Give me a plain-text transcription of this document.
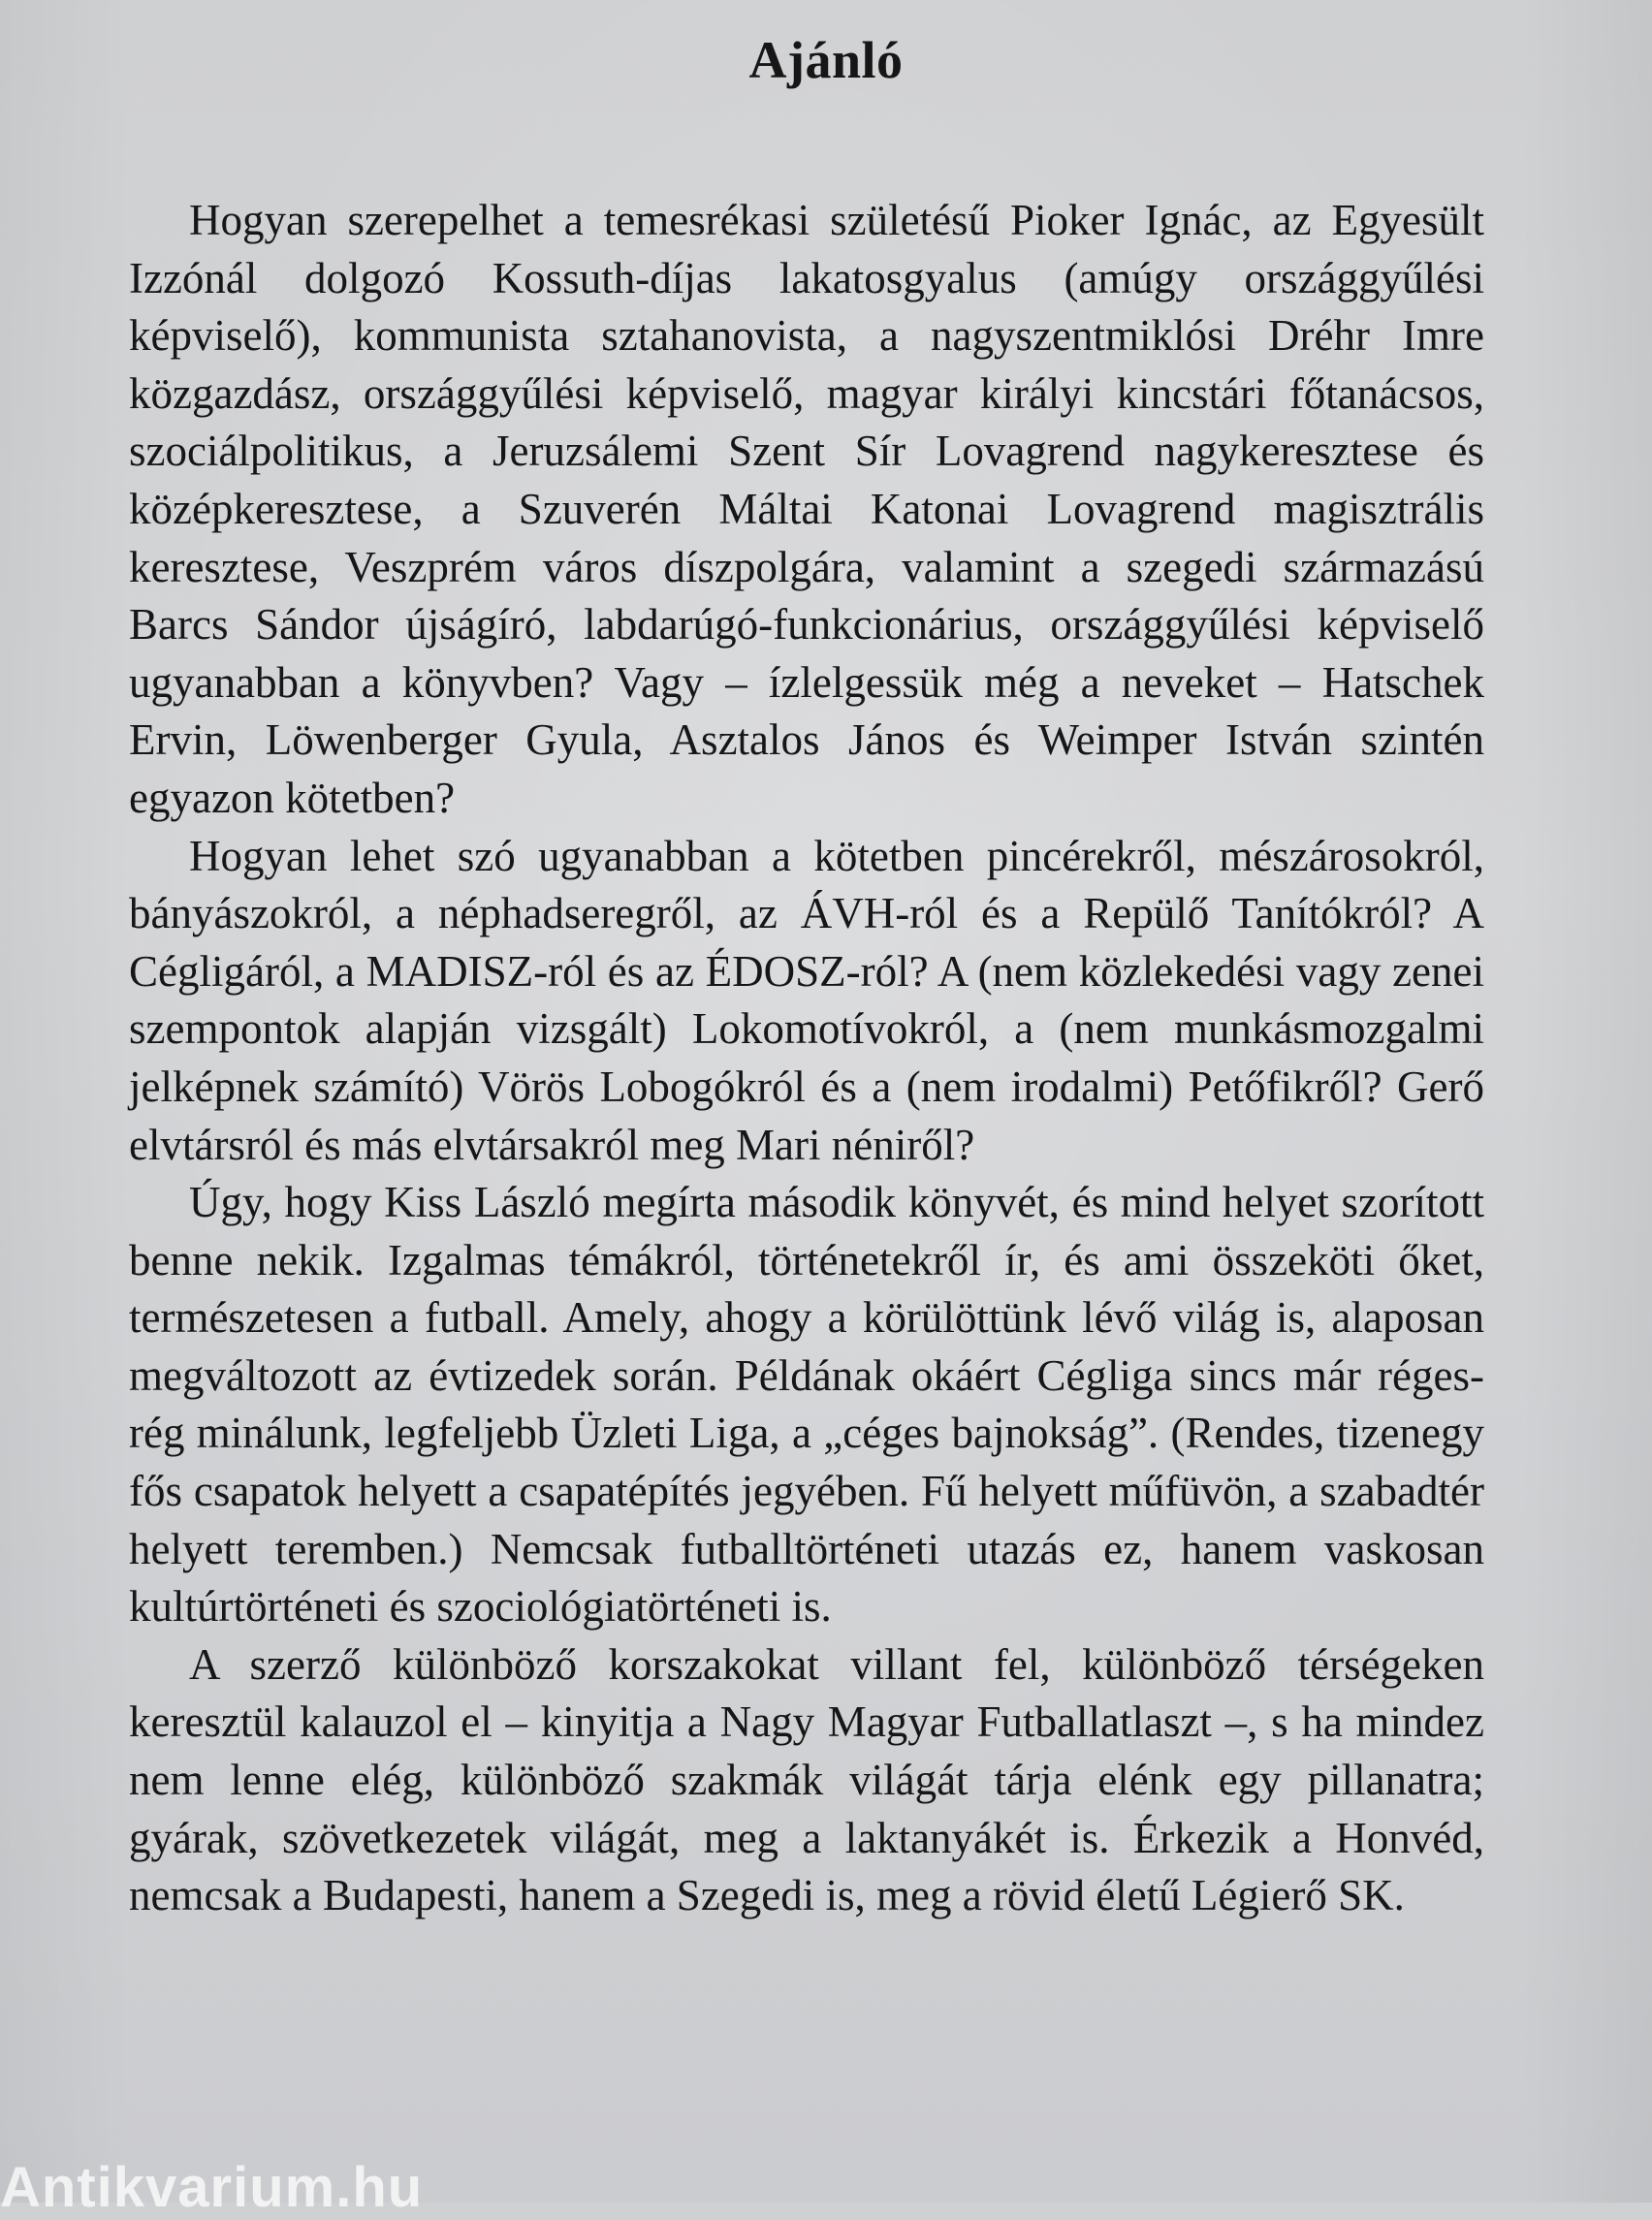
Ajánló

Hogyan szerepelhet a temesrékasi születésű Pioker Ignác, az Egyesült Izzónál dolgozó Kossuth-díjas lakatosgyalus (amúgy országgyűlési képviselő), kommunista sztahanovista, a nagyszentmiklósi Dréhr Imre közgazdász, országgyűlési képviselő, magyar királyi kincstári főtanácsos, szociálpolitikus, a Jeruzsálemi Szent Sír Lovagrend nagykeresztese és középkeresztese, a Szuverén Máltai Katonai Lovagrend magisztrális keresztese, Veszprém város díszpolgára, valamint a szegedi származású Barcs Sándor újságíró, labdarúgó-funkcionárius, országgyűlési képviselő ugyanabban a könyvben? Vagy – ízlelgessük még a neveket – Hatschek Ervin, Löwenberger Gyula, Asztalos János és Weimper István szintén egyazon kötetben?

Hogyan lehet szó ugyanabban a kötetben pincérekről, mészárosokról, bányászokról, a néphadseregről, az ÁVH-ról és a Repülő Tanítókról? A Cégligáról, a MADISZ-ról és az ÉDOSZ-ról? A (nem közlekedési vagy zenei szempontok alapján vizsgált) Lokomotívokról, a (nem munkásmozgalmi jelképnek számító) Vörös Lobogókról és a (nem irodalmi) Petőfikről? Gerő elvtársról és más elvtársakról meg Mari néniről?

Úgy, hogy Kiss László megírta második könyvét, és mind helyet szorított benne nekik. Izgalmas témákról, történetekről ír, és ami összeköti őket, természetesen a futball. Amely, ahogy a körülöttünk lévő világ is, alaposan megváltozott az évtizedek során. Példának okáért Cégliga sincs már réges-rég minálunk, legfeljebb Üzleti Liga, a „céges bajnokság”. (Rendes, tizenegy fős csapatok helyett a csapatépítés jegyében. Fű helyett műfüvön, a szabadtér helyett teremben.) Nemcsak futballtörténeti utazás ez, hanem vaskosan kultúrtörténeti és szociológiatörténeti is.

A szerző különböző korszakokat villant fel, különböző térségeken keresztül kalauzol el – kinyitja a Nagy Magyar Futballatlaszt –, s ha mindez nem lenne elég, különböző szakmák világát tárja elénk egy pillanatra; gyárak, szövetkezetek világát, meg a laktanyákét is. Érkezik a Honvéd, nemcsak a Budapesti, hanem a Szegedi is, meg a rövid életű Légierő SK.

Antikvarium.hu
